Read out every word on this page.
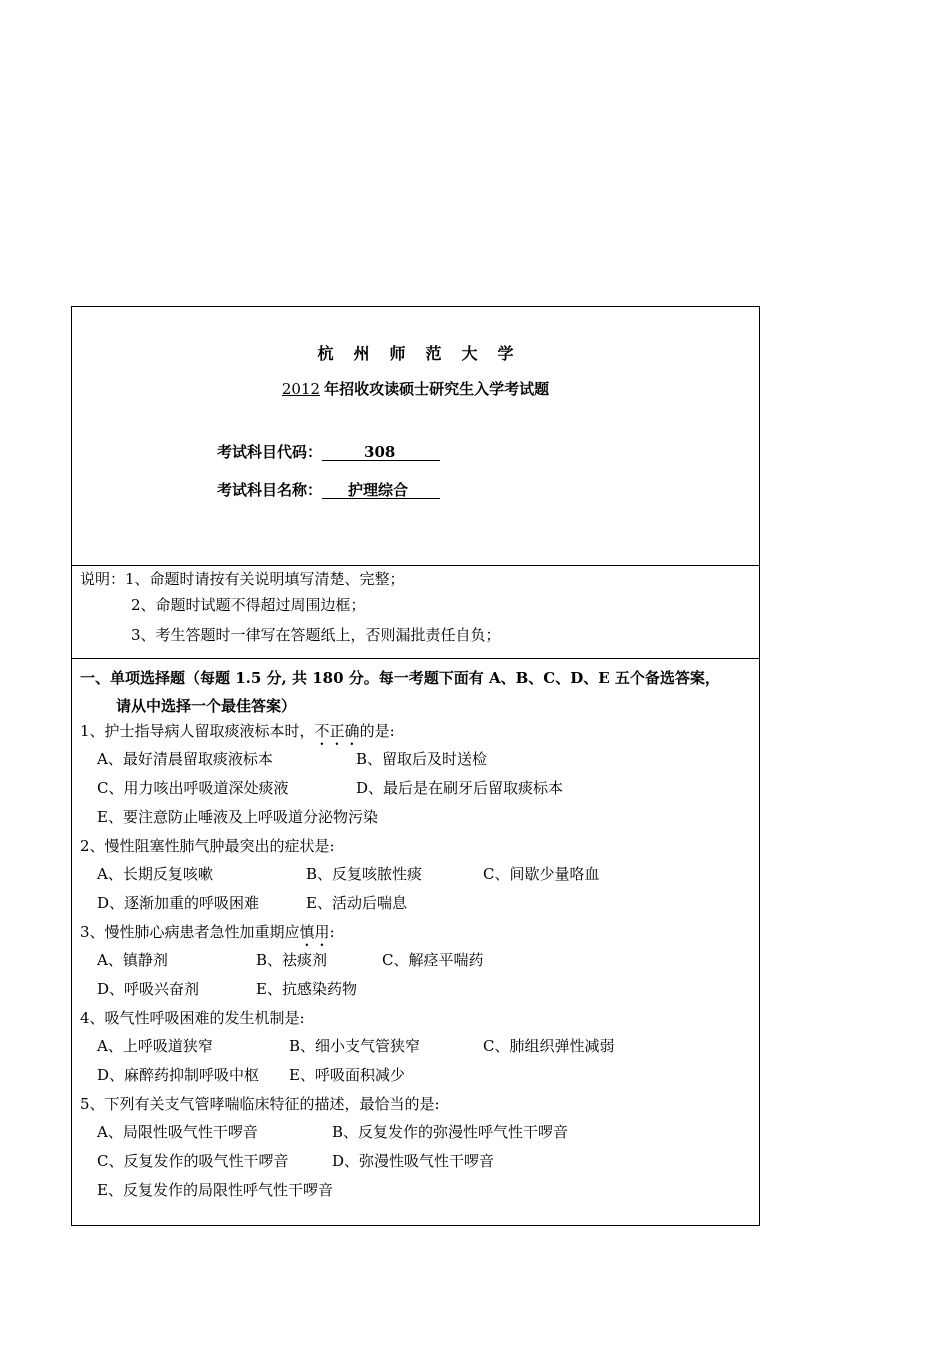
杭州师范大学
2012 年招收攻读硕士研究生入学考试题
考试科目代码：	308
考试科目名称： 护理综合
说明：1、命题时请按有关说明填写清楚、完整；
2、命题时试题不得超过周围边框；
3、考生答题时一律写在答题纸上，否则漏批责任自负；
一、单项选择题（每题 1.5 分, 共 180 分。每一考题下面有 A、B、C、D、E 五个备选答案，
请从中选择一个最佳答案）
1、护士指导病人留取痰液标本时，不正确的是:
A、最好清晨留取痰液标本	B、留取后及时送检
C、用力咳出呼吸道深处痰液	D、最后是在刷牙后留取痰标本
E、要注意防止唾液及上呼吸道分泌物污染
2、慢性阻塞性肺气肿最突出的症状是:
A、长期反复咳嗽	B、反复咳脓性痰	C、间歇少量咯血
D、逐渐加重的呼吸困难	E、活动后喘息
3、慢性肺心病患者急性加重期应慎用:
A、镇静剂	B、祛痰剂	C、解痉平喘药
D、呼吸兴奋剂	E、抗感染药物
4、吸气性呼吸困难的发生机制是:
A、上呼吸道狭窄	B、细小支气管狭窄	C、肺组织弹性减弱
D、麻醉药抑制呼吸中枢 E、呼吸面积减少
5、下列有关支气管哮喘临床特征的描述，最恰当的是:
A、局限性吸气性干啰音	B、反复发作的弥漫性呼气性干啰音
C、反复发作的吸气性干啰音	D、弥漫性吸气性干啰音
E、反复发作的局限性呼气性干啰音
